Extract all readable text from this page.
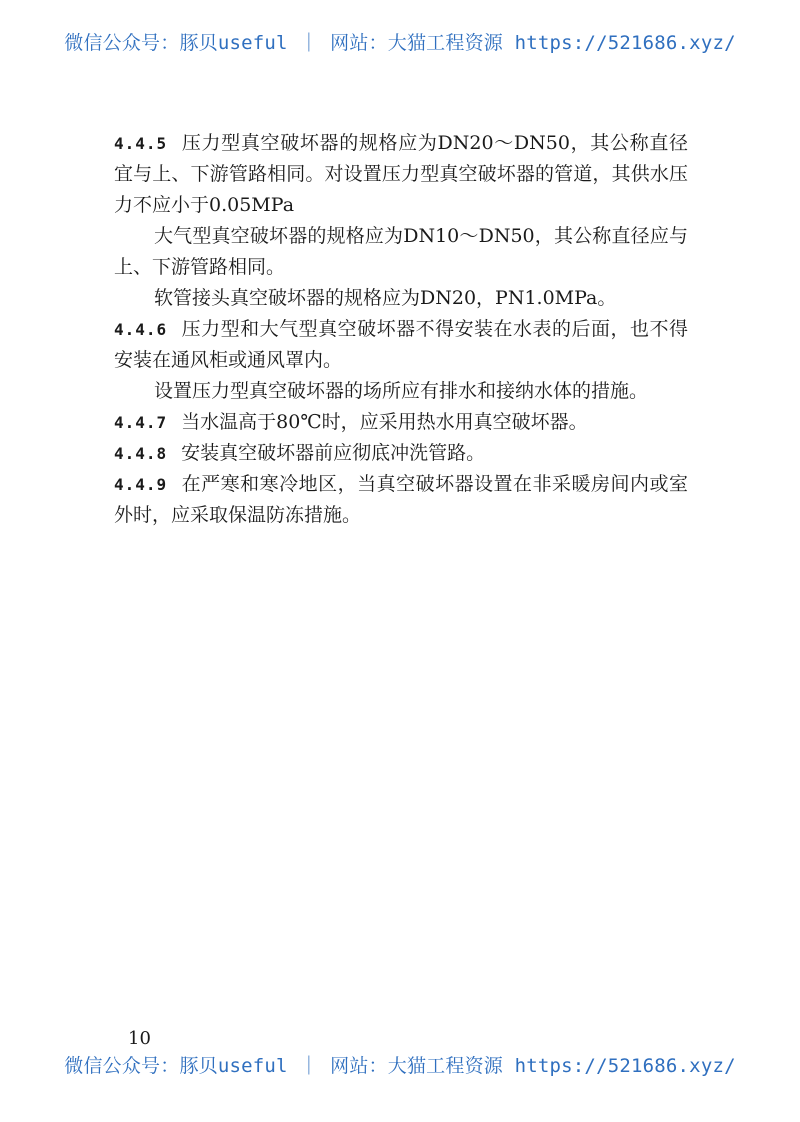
微信公众号：豚贝useful ｜ 网站：大猫工程资源 https://521686.xyz/

4.4.5 压力型真空破坏器的规格应为DN20～DN50，其公称直径宜与上、下游管路相同。对设置压力型真空破坏器的管道，其供水压力不应小于0.05MPa

大气型真空破坏器的规格应为DN10～DN50，其公称直径应与上、下游管路相同。

软管接头真空破坏器的规格应为DN20，PN1.0MPa。

4.4.6 压力型和大气型真空破坏器不得安装在水表的后面，也不得安装在通风柜或通风罩内。

设置压力型真空破坏器的场所应有排水和接纳水体的措施。

4.4.7 当水温高于80℃时，应采用热水用真空破坏器。

4.4.8 安装真空破坏器前应彻底冲洗管路。

4.4.9 在严寒和寒冷地区，当真空破坏器设置在非采暖房间内或室外时，应采取保温防冻措施。

10
微信公众号：豚贝useful ｜ 网站：大猫工程资源 https://521686.xyz/
